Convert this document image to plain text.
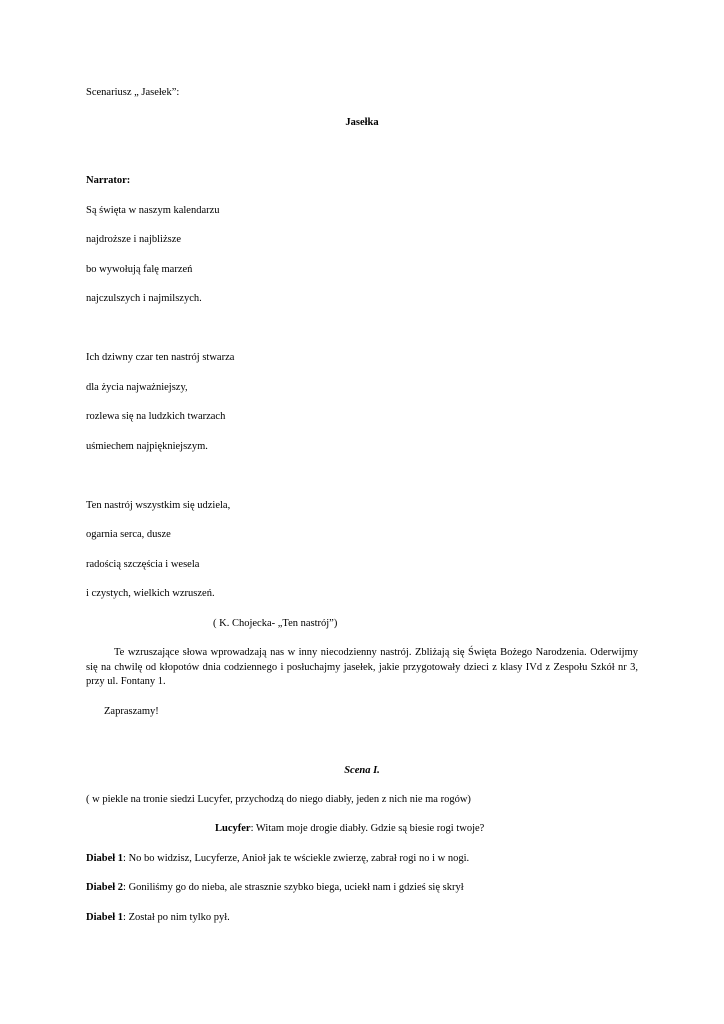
Scenariusz „ Jasełek”:
Jasełka
Narrator:
Są święta w naszym kalendarzu
najdroższe i najbliższe
bo wywołują falę marzeń
najczulszych i najmilszych.
Ich dziwny czar ten nastrój stwarza
dla życia najważniejszy,
rozlewa się na ludzkich twarzach
uśmiechem najpiękniejszym.
Ten nastrój wszystkim się udziela,
ogarnia serca, dusze
radością szczęścia i wesela
i czystych, wielkich wzruszeń.
( K. Chojecka- „Ten nastrój”)
Te wzruszające słowa wprowadzają nas w inny niecodzienny nastrój. Zbliżają się Święta Bożego Narodzenia. Oderwijmy się na chwilę od kłopotów dnia codziennego i posłuchajmy jasełek, jakie przygotowały dzieci z klasy IVd z Zespołu Szkół nr 3, przy ul. Fontany 1.
Zapraszamy!
Scena I.
( w piekle na tronie siedzi Lucyfer, przychodzą do niego diabły, jeden z nich nie ma rogów)
Lucyfer: Witam moje drogie diabły. Gdzie są biesie rogi twoje?
Diabeł 1: No bo widzisz, Lucyferze, Anioł jak te wściekle zwierzę, zabrał rogi no i w nogi.
Diabeł 2: Goniliśmy go do nieba, ale strasznie szybko biega, uciekł nam i gdzieś się skrył
Diabeł 1: Został po nim tylko pył.
